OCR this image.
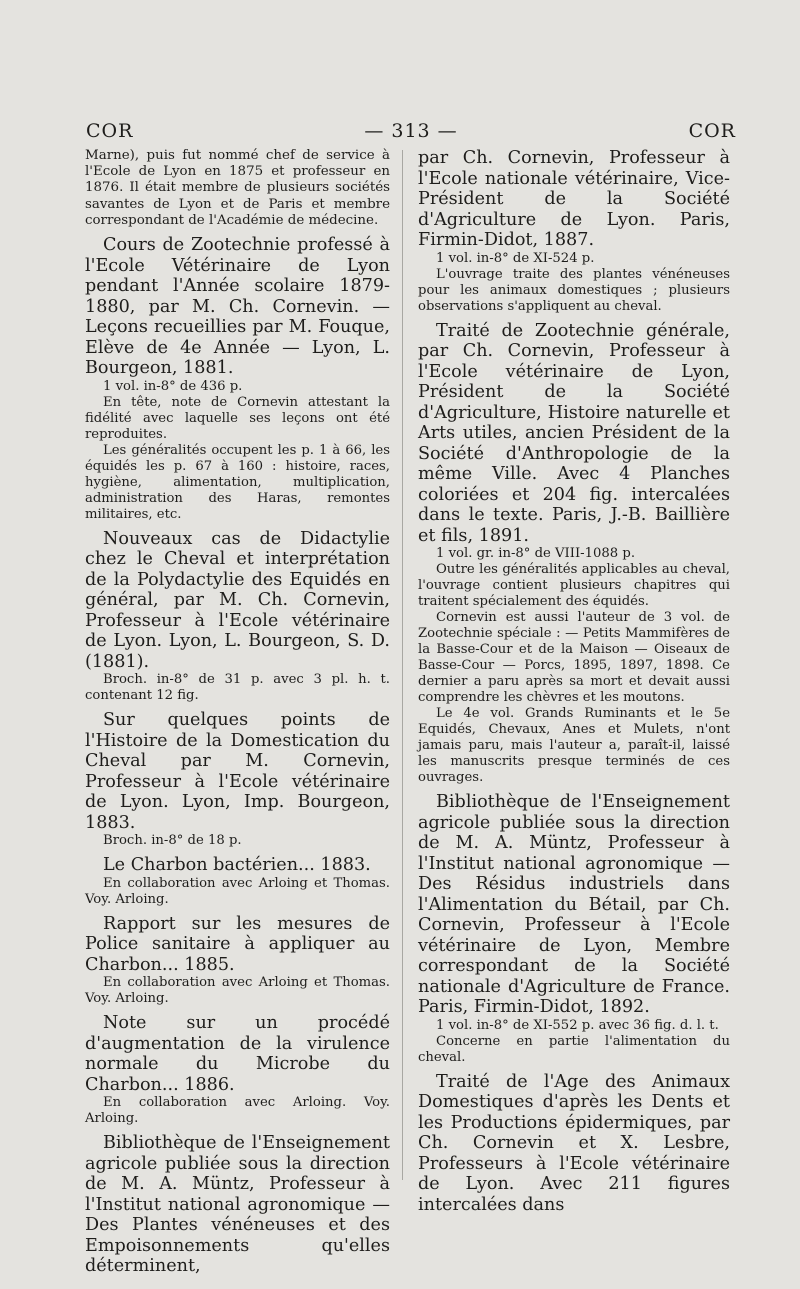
COR	— 313 —	COR
Marne), puis fut nommé chef de service à l'Ecole de Lyon en 1875 et professeur en 1876. Il était membre de plusieurs sociétés savantes de Lyon et de Paris et membre correspondant de l'Académie de médecine.
Cours de Zootechnie professé à l'Ecole Vétérinaire de Lyon pendant l'Année scolaire 1879-1880, par M. Ch. Cornevin. — Leçons recueillies par M. Fouque, Elève de 4e Année — Lyon, L. Bourgeon, 1881.
1 vol. in-8° de 436 p.
En tête, note de Cornevin attestant la fidélité avec laquelle ses leçons ont été reproduites.
Les généralités occupent les p. 1 à 66, les équidés les p. 67 à 160 : histoire, races, hygiène, alimentation, multiplication, administration des Haras, remontes militaires, etc.
Nouveaux cas de Didactylie chez le Cheval et interprétation de la Polydactylie des Equidés en général, par M. Ch. Cornevin, Professeur à l'Ecole vétérinaire de Lyon. Lyon, L. Bourgeon, S. D. (1881).
Broch. in-8° de 31 p. avec 3 pl. h. t. contenant 12 fig.
Sur quelques points de l'Histoire de la Domestication du Cheval par M. Cornevin, Professeur à l'Ecole vétérinaire de Lyon. Lyon, Imp. Bourgeon, 1883.
Broch. in-8° de 18 p.
Le Charbon bactérien... 1883.
En collaboration avec Arloing et Thomas. Voy. Arloing.
Rapport sur les mesures de Police sanitaire à appliquer au Charbon... 1885.
En collaboration avec Arloing et Thomas. Voy. Arloing.
Note sur un procédé d'augmentation de la virulence normale du Microbe du Charbon... 1886.
En collaboration avec Arloing. Voy. Arloing.
Bibliothèque de l'Enseignement agricole publiée sous la direction de M. A. Müntz, Professeur à l'Institut national agronomique — Des Plantes vénéneuses et des Empoisonnements qu'elles déterminent,
par Ch. Cornevin, Professeur à l'Ecole nationale vétérinaire, Vice-Président de la Société d'Agriculture de Lyon. Paris, Firmin-Didot, 1887.
1 vol. in-8° de XI-524 p.
L'ouvrage traite des plantes vénéneuses pour les animaux domestiques ; plusieurs observations s'appliquent au cheval.
Traité de Zootechnie générale, par Ch. Cornevin, Professeur à l'Ecole vétérinaire de Lyon, Président de la Société d'Agriculture, Histoire naturelle et Arts utiles, ancien Président de la Société d'Anthropologie de la même Ville. Avec 4 Planches coloriées et 204 fig. intercalées dans le texte. Paris, J.-B. Baillière et fils, 1891.
1 vol. gr. in-8° de VIII-1088 p.
Outre les généralités applicables au cheval, l'ouvrage contient plusieurs chapitres qui traitent spécialement des équidés.
Cornevin est aussi l'auteur de 3 vol. de Zootechnie spéciale : — Petits Mammifères de la Basse-Cour et de la Maison — Oiseaux de Basse-Cour — Porcs, 1895, 1897, 1898. Ce dernier a paru après sa mort et devait aussi comprendre les chèvres et les moutons.
Le 4e vol. Grands Ruminants et le 5e Equidés, Chevaux, Anes et Mulets, n'ont jamais paru, mais l'auteur a, paraît-il, laissé les manuscrits presque terminés de ces ouvrages.
Bibliothèque de l'Enseignement agricole publiée sous la direction de M. A. Müntz, Professeur à l'Institut national agronomique — Des Résidus industriels dans l'Alimentation du Bétail, par Ch. Cornevin, Professeur à l'Ecole vétérinaire de Lyon, Membre correspondant de la Société nationale d'Agriculture de France. Paris, Firmin-Didot, 1892.
1 vol. in-8° de XI-552 p. avec 36 fig. d. l. t.
Concerne en partie l'alimentation du cheval.
Traité de l'Age des Animaux Domestiques d'après les Dents et les Productions épidermiques, par Ch. Cornevin et X. Lesbre, Professeurs à l'Ecole vétérinaire de Lyon. Avec 211 figures intercalées dans
